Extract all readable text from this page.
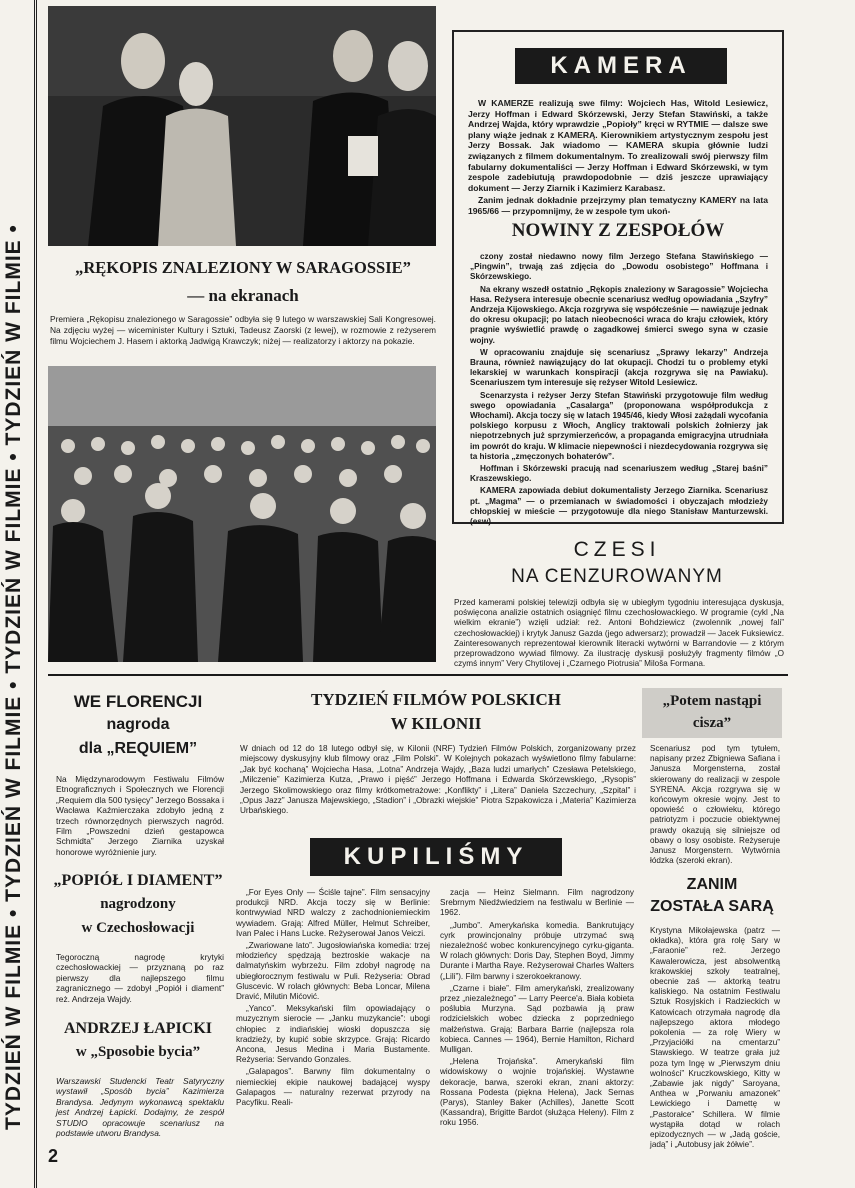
TYDZIEŃ W FILMIE • TYDZIEŃ W FILMIE • TYDZIEŃ W FILMIE • TYDZIEŃ W FILMIE •	„RĘKOPIS ZNALEZIONY W SARAGOSSIE”
— na ekranach
Premiera „Rękopisu znalezionego w Saragossie” odbyła się 9 lutego w warszawskiej Sali Kongresowej. Na zdjęciu wyżej — wiceminister Kultury i Sztuki, Tadeusz Zaorski (z lewej), w rozmowie z reżyserem filmu Wojciechem J. Hasem i aktorką Jadwigą Krawczyk; niżej — realizatorzy i aktorzy na pokazie.
KAMERA

W KAMERZE realizują swe filmy: Wojciech Has, Witold Lesiewicz, Jerzy Hoffman i Edward Skórzewski, Jerzy Stefan Stawiński, a także Andrzej Wajda, który wprawdzie „Popioły” kręci w RYTMIE — dalsze swe plany wiąże jednak z KAMERĄ. Kierownikiem artystycznym zespołu jest Jerzy Bossak. Jak wiadomo — KAMERA skupia głównie ludzi związanych z filmem dokumentalnym. To zrealizowali swój pierwszy film fabularny dokumentaliści — Jerzy Hoffman i Edward Skórzewski, w tym zespole zadebiutują prawdopodobnie — dziś jeszcze uprawiający dokument — Jerzy Ziarnik i Kazimierz Karabasz.

Zanim jednak dokładnie przejrzymy plan tematyczny KAMERY na lata 1965/66 — przypomnijmy, że w zespole tym ukoń-

NOWINY Z ZESPOŁÓW

czony został niedawno nowy film Jerzego Stefana Stawińskiego — „Pingwin”, trwają zaś zdjęcia do „Dowodu osobistego” Hoffmana i Skórzewskiego.

Na ekrany wszedł ostatnio „Rękopis znaleziony w Saragossie” Wojciecha Hasa. Reżysera interesuje obecnie scenariusz według opowiadania „Szyfry” Andrzeja Kijowskiego. Akcja rozgrywa się współcześnie — nawiązuje jednak do okresu okupacji; po latach nieobecności wraca do kraju człowiek, który pragnie wyświetlić prawdę o zagadkowej śmierci swego syna w czasie wojny.

W opracowaniu znajduje się scenariusz „Sprawy lekarzy” Andrzeja Brauna, również nawiązujący do lat okupacji. Chodzi tu o problemy etyki lekarskiej w warunkach konspiracji (akcja rozgrywa się na Pawiaku). Scenariuszem tym interesuje się reżyser Witold Lesiewicz.

Scenarzysta i reżyser Jerzy Stefan Stawiński przygotowuje film według swego opowiadania „Casalarga” (proponowana współprodukcja z Włochami). Akcja toczy się w latach 1945/46, kiedy Włosi zażądali wycofania polskiego korpusu z Włoch, Anglicy traktowali polskich żołnierzy jak niepotrzebnych już sprzymierzeńców, a propaganda emigracyjna utrudniała im powrót do kraju. W klimacie niepewności i niezdecydowania rozgrywa się ta historia „zmęczonych bohaterów”.

Hoffman i Skórzewski pracują nad scenariuszem według „Starej baśni” Kraszewskiego.

KAMERA zapowiada debiut dokumentalisty Jerzego Ziarnika. Scenariusz pt. „Magma” — o przemianach w świadomości i obyczajach młodzieży chłopskiej w mieście — przygotowuje dla niego Stanisław Manturzewski. (esw)

CZESI
NA CENZUROWANYM
Przed kamerami polskiej telewizji odbyła się w ubiegłym tygodniu interesująca dyskusja, poświęcona analizie ostatnich osiągnięć filmu czechosłowackiego. W programie (cykl „Na wielkim ekranie”) wzięli udział: reż. Antoni Bohdziewicz (zwolennik „nowej fali” czechosłowackiej) i krytyk Janusz Gazda (jego adwersarz); prowadził — Jacek Fuksiewicz. Zainteresowanych reprezentował kierownik literacki wytwórni w Barrandovie — z którym przeprowadzono wywiad filmowy. Za ilustrację dyskusji posłużyły fragmenty filmów „O czymś innym” Very Chytilovej i „Czarnego Piotrusia” Miloša Formana.
WE FLORENCJI
nagroda
dla „REQUIEM”
Na Międzynarodowym Festiwalu Filmów Etnograficznych i Społecznych we Florencji „Requiem dla 500 tysięcy” Jerzego Bossaka i Wacława Kaźmierczaka zdobyło jedną z trzech równorzędnych pierwszych nagród. Film „Powszedni dzień gestapowca Schmidta” Jerzego Ziarnika uzyskał honorowe wyróżnienie jury.
„POPIÓŁ I DIAMENT”
nagrodzony
w Czechosłowacji
Tegoroczną nagrodę krytyki czechosłowackiej — przyznaną po raz pierwszy dla najlepszego filmu zagranicznego — zdobył „Popiół i diament” reż. Andrzeja Wajdy.
ANDRZEJ ŁAPICKI
w „Sposobie bycia”
Warszawski Studencki Teatr Satyryczny wystawił „Sposób bycia” Kazimierza Brandysa. Jedynym wykonawcą spektaklu jest Andrzej Łapicki. Dodajmy, że zespół STUDIO opracowuje scenariusz na podstawie utworu Brandysa.
2
TYDZIEŃ FILMÓW POLSKICH
W KILONII
W dniach od 12 do 18 lutego odbył się, w Kilonii (NRF) Tydzień Filmów Polskich, zorganizowany przez miejscowy dyskusyjny klub filmowy oraz „Film Polski”. W Kolejnych pokazach wyświetlono filmy fabularne: „Jak być kochaną” Wojciecha Hasa, „Lotna” Andrzeja Wajdy, „Baza ludzi umarłych” Czesława Petelskiego, „Milczenie” Kazimierza Kutza, „Prawo i pięść” Jerzego Hoffmana i Edwarda Skórzewskiego, „Rysopis” Jerzego Skolimowskiego oraz filmy krótkometrażowe: „Konflikty” i „Litera” Daniela Szczechury, „Szpital” i „Opus Jazz” Janusza Majewskiego, „Stadion” i „Obrazki wiejskie” Piotra Szpakowicza i „Materia” Kazimierza Urbańskiego.
KUPILIŚMY

„For Eyes Only — Ściśle tajne”. Film sensacyjny produkcji NRD. Akcja toczy się w Berlinie: kontrwywiad NRD walczy z zachodnioniemieckim wywiadem. Grają: Alfred Müller, Helmut Schreiber, Ivan Palec i Hans Lucke. Reżyserował Janos Veiczi.

„Zwariowane lato”. Jugosłowiańska komedia: trzej młodzieńcy spędzają beztroskie wakacje na dalmatyńskim wybrzeżu. Film zdobył nagrodę na ubiegłorocznym festiwalu w Puli. Reżyseria: Obrad Gluscevic. W rolach głównych: Beba Loncar, Milena Dravić, Milutin Mićović.

„Yanco”. Meksykański film opowiadający o muzycznym sierocie — „Janku muzykancie”: ubogi chłopiec z indiańskiej wioski dopuszcza się kradzieży, by kupić sobie skrzypce. Grają: Ricardo Ancona, Jesus Medina i Maria Bustamente. Reżyseria: Servando Gonzales.

„Galapagos”. Barwny film dokumentalny o niemieckiej ekipie naukowej badającej wyspy Galapagos — naturalny rezerwat przyrody na Pacyfiku. Reali-

zacja — Heinz Sielmann. Film nagrodzony Srebrnym Niedźwiedziem na festiwalu w Berlinie — 1962.

„Jumbo”. Amerykańska komedia. Bankrutujący cyrk prowincjonalny próbuje utrzymać swą niezależność wobec konkurencyjnego cyrku-giganta. W rolach głównych: Doris Day, Stephen Boyd, Jimmy Durante i Martha Raye. Reżyserował Charles Walters („Lili”). Film barwny i szerokoekranowy.

„Czarne i białe”. Film amerykański, zrealizowany przez „niezależnego” — Larry Peerce'a. Biała kobieta poślubia Murzyna. Sąd pozbawia ją praw rodzicielskich wobec dziecka z poprzedniego małżeństwa. Grają: Barbara Barrie (najlepsza rola kobieca. Cannes — 1964), Bernie Hamilton, Richard Mulligan.

„Helena Trojańska”. Amerykański film widowiskowy o wojnie trojańskiej. Wystawne dekoracje, barwa, szeroki ekran, znani aktorzy: Rossana Podesta (piękna Helena), Jack Sernas (Parys), Stanley Baker (Achilles), Janette Scott (Kassandra), Brigitte Bardot (służąca Heleny). Film z roku 1956.

„Potem nastąpi cisza”
Scenariusz pod tym tytułem, napisany przez Zbigniewa Safiana i Janusza Morgensterna, został skierowany do realizacji w zespole SYRENA. Akcja rozgrywa się w końcowym okresie wojny. Jest to opowieść o człowieku, którego patriotyzm i poczucie obiektywnej prawdy okazują się silniejsze od obawy o losy osobiste. Reżyseruje Janusz Morgenstern. Wytwórnia łódzka (szeroki ekran).
ZANIM
ZOSTAŁA SARĄ
Krystyna Mikołajewska (patrz — okładka), która gra rolę Sary w „Faraonie” reż. Jerzego Kawalerowicza, jest absolwentką krakowskiej szkoły teatralnej, obecnie zaś — aktorką teatru kaliskiego. Na ostatnim Festiwalu Sztuk Rosyjskich i Radzieckich w Katowicach otrzymała nagrodę dla najlepszego aktora młodego pokolenia — za rolę Wiery w „Przyjaciółki na cmentarzu” Stawskiego. W teatrze grała już poza tym Ingę w „Pierwszym dniu wolności” Kruczkowskiego, Kitty w „Zabawie jak nigdy” Saroyana, Anthea w „Porwaniu amazonek” Lewickiego i Damettę w „Pastorałce” Schillera. W filmie wystąpiła dotąd w rolach epizodycznych — w „Jadą goście, jadą” i „Autobusy jak żółwie”.
